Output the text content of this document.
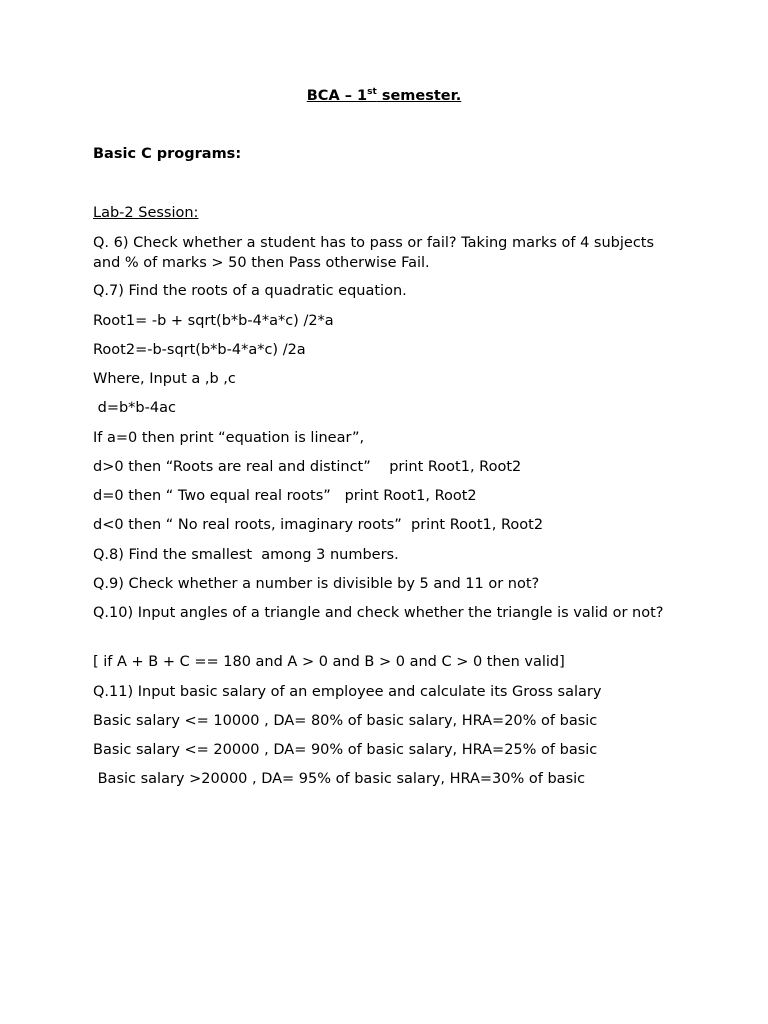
BCA – 1st semester.
Basic C programs:
Lab-2 Session:
Q. 6) Check whether a student has to pass or fail? Taking marks of 4 subjects and % of marks > 50 then Pass otherwise Fail.
Q.7) Find the roots of a quadratic equation.
Root1= -b + sqrt(b*b-4*a*c) /2*a
Root2=-b-sqrt(b*b-4*a*c) /2a
Where, Input a ,b ,c
d=b*b-4ac
If a=0 then print “equation is linear”,
d>0 then “Roots are real and distinct”    print Root1, Root2
d=0 then “ Two equal real roots”   print Root1, Root2
d<0 then “ No real roots, imaginary roots”  print Root1, Root2
Q.8) Find the smallest  among 3 numbers.
Q.9) Check whether a number is divisible by 5 and 11 or not?
Q.10) Input angles of a triangle and check whether the triangle is valid or not?
[ if A + B + C == 180 and A > 0 and B > 0 and C > 0 then valid]
Q.11) Input basic salary of an employee and calculate its Gross salary
Basic salary <= 10000 , DA= 80% of basic salary, HRA=20% of basic
Basic salary <= 20000 , DA= 90% of basic salary, HRA=25% of basic
Basic salary >20000 , DA= 95% of basic salary, HRA=30% of basic
